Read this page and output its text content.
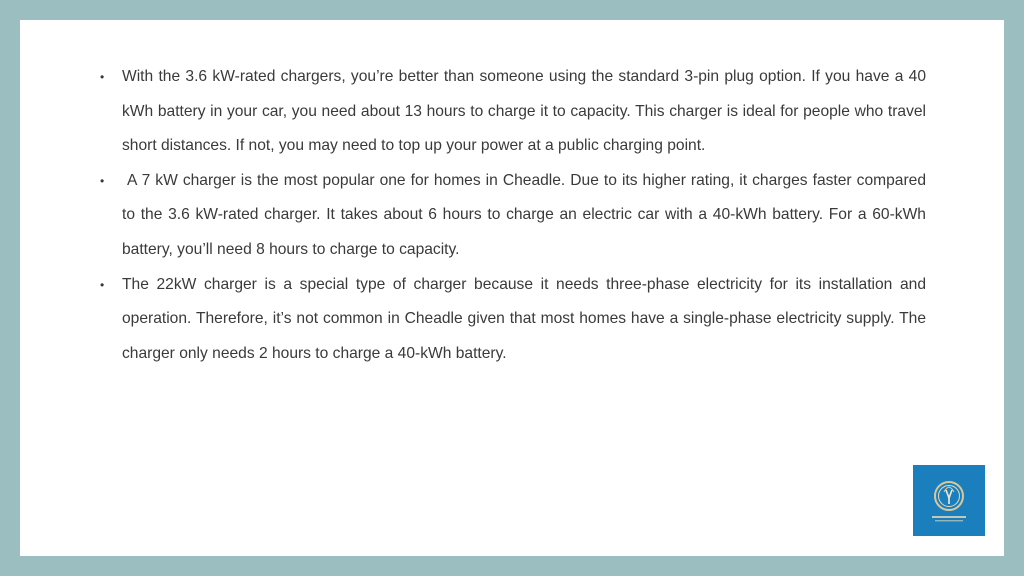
•	With the 3.6 kW-rated chargers, you’re better than someone using the standard 3-pin plug option. If you have a 40 kWh battery in your car, you need about 13 hours to charge it to capacity. This charger is ideal for people who travel short distances. If not, you may need to top up your power at a public charging point.
•	A 7 kW charger is the most popular one for homes in Cheadle. Due to its higher rating, it charges faster compared to the 3.6 kW-rated charger. It takes about 6 hours to charge an electric car with a 40-kWh battery. For a 60-kWh battery, you’ll need 8 hours to charge to capacity.
•	The 22kW charger is a special type of charger because it needs three-phase electricity for its installation and operation. Therefore, it’s not common in Cheadle given that most homes have a single-phase electricity supply. The charger only needs 2 hours to charge a 40-kWh battery.
